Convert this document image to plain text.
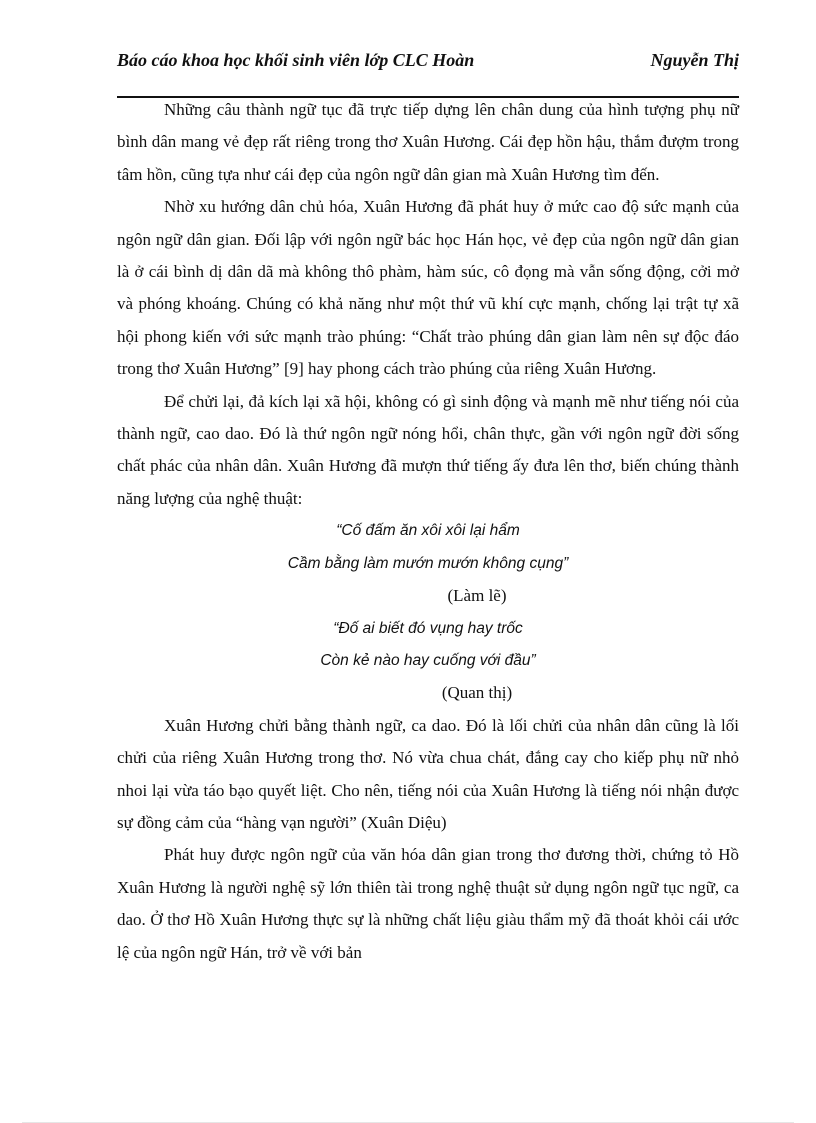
Báo cáo khoa học khối sinh viên lớp CLC Hoàn	Nguyễn Thị

Những câu thành ngữ tục đã trực tiếp dựng lên chân dung của hình tượng phụ nữ bình dân mang vẻ đẹp rất riêng trong thơ Xuân Hương. Cái đẹp hồn hậu, thắm đượm trong tâm hồn, cũng tựa như cái đẹp của ngôn ngữ dân gian mà Xuân Hương tìm đến.

Nhờ xu hướng dân chủ hóa, Xuân Hương đã phát huy ở mức cao độ sức mạnh của ngôn ngữ dân gian. Đối lập với ngôn ngữ bác học Hán học, vẻ đẹp của ngôn ngữ dân gian là ở cái bình dị dân dã mà không thô phàm, hàm súc, cô đọng mà vẫn sống động, cởi mở và phóng khoáng. Chúng có khả năng như một thứ vũ khí cực mạnh, chống lại trật tự xã hội phong kiến với sức mạnh trào phúng: “Chất trào phúng dân gian làm nên sự độc đáo trong thơ Xuân Hương” [9] hay phong cách trào phúng của riêng Xuân Hương.

Để chửi lại, đả kích lại xã hội, không có gì sinh động và mạnh mẽ như tiếng nói của thành ngữ, cao dao. Đó là thứ ngôn ngữ nóng hổi, chân thực, gần với ngôn ngữ đời sống chất phác của nhân dân. Xuân Hương đã mượn thứ tiếng ấy đưa lên thơ, biến chúng thành năng lượng của nghệ thuật:

“Cố đấm ăn xôi xôi lại hẩm

Cầm bằng làm mướn mướn không cụng”

(Làm lẽ)

“Đố ai biết đó vụng hay trốc

Còn kẻ nào hay cuống với đầu”

(Quan thị)

Xuân Hương chửi bằng thành ngữ, ca dao. Đó là lối chửi của nhân dân cũng là lối chửi của riêng Xuân Hương trong thơ. Nó vừa chua chát, đắng cay cho kiếp phụ nữ nhỏ nhoi lại vừa táo bạo quyết liệt. Cho nên, tiếng nói của Xuân Hương là tiếng nói nhận được sự đồng cảm của “hàng vạn người” (Xuân Diệu)

Phát huy được ngôn ngữ của văn hóa dân gian trong thơ đương thời, chứng tỏ Hồ Xuân Hương là người nghệ sỹ lớn thiên tài trong nghệ thuật sử dụng ngôn ngữ tục ngữ, ca dao. Ở thơ Hồ Xuân Hương thực sự là những chất liệu giàu thẩm mỹ đã thoát khỏi cái ước lệ của ngôn ngữ Hán, trở về với bản
